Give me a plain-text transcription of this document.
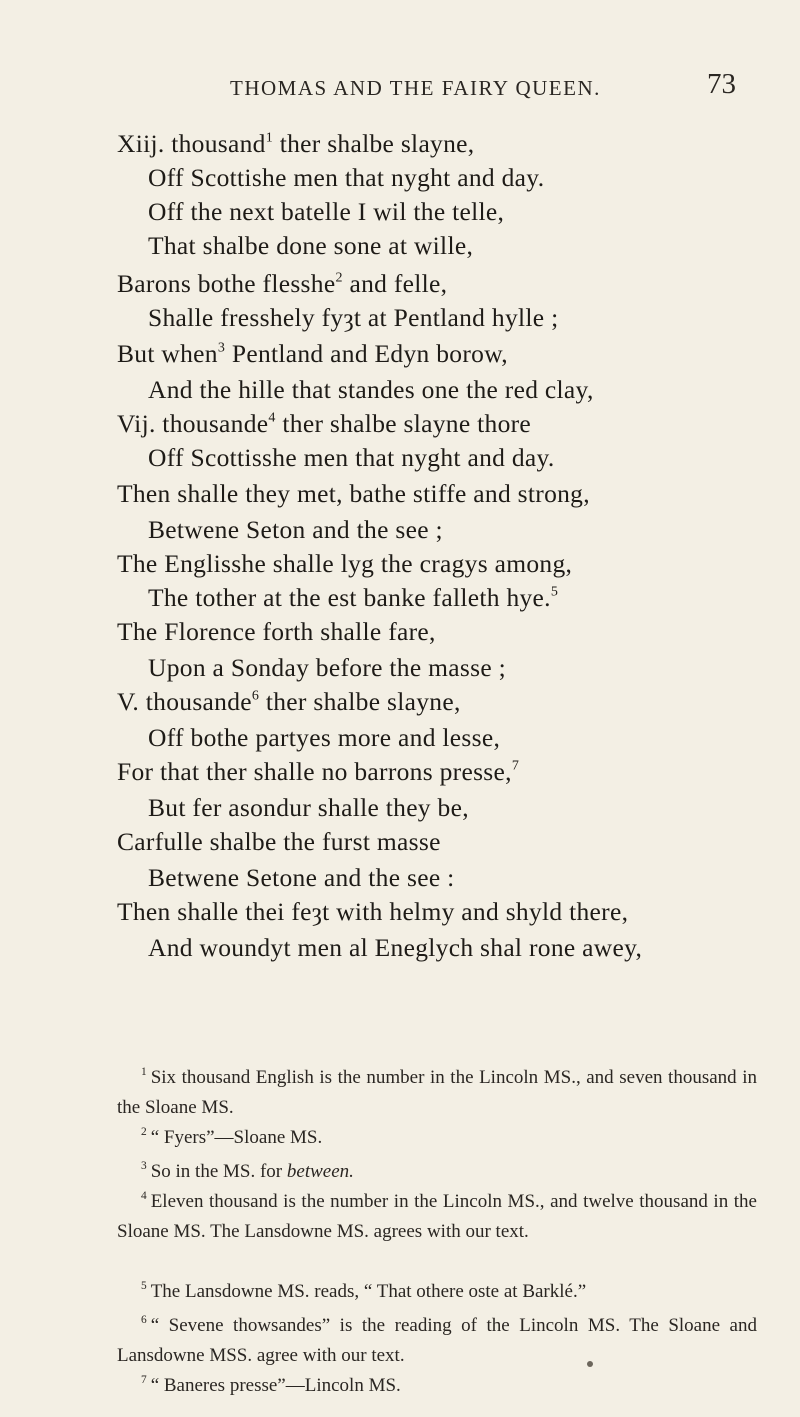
THOMAS AND THE FAIRY QUEEN.	73
Xiij. thousand$^1$ ther shalbe slayne,
Off Scottishe men that nyght and day.
Off the next batelle I wil the telle,
That shalbe done sone at wille,
Barons bothe flesshe$^2$ and felle,
Shalle fresshely fyȝt at Pentland hylle ;
But when$^3$ Pentland and Edyn borow,
And the hille that standes one the red clay,
Vij. thousande$^4$ ther shalbe slayne thore
Off Scottisshe men that nyght and day.
Then shalle they met, bathe stiffe and strong,
Betwene Seton and the see ;
The Englisshe shalle lyg the cragys among,
The tother at the est banke falleth hye.$^5$
The Florence forth shalle fare,
Upon a Sonday before the masse ;
V. thousande$^6$ ther shalbe slayne,
Off bothe partyes more and lesse,
For that ther shalle no barrons presse,$^7$
But fer asondur shalle they be,
Carfulle shalbe the furst masse
Betwene Setone and the see :
Then shalle thei feȝt with helmy and shyld there,
And woundyt men al Eneglych shal rone awey,
$^1$ Six thousand English is the number in the Lincoln MS., and seven thousand in the Sloane MS.
$^2$ “ Fyers”—Sloane MS.
$^3$ So in the MS. for between.
$^4$ Eleven thousand is the number in the Lincoln MS., and twelve thousand in the Sloane MS. The Lansdowne MS. agrees with our text.
$^5$ The Lansdowne MS. reads, “ That othere oste at Barklé.”
$^6$ “ Sevene thowsandes” is the reading of the Lincoln MS. The Sloane and Lansdowne MSS. agree with our text.
$^7$ “ Baneres presse”—Lincoln MS.
